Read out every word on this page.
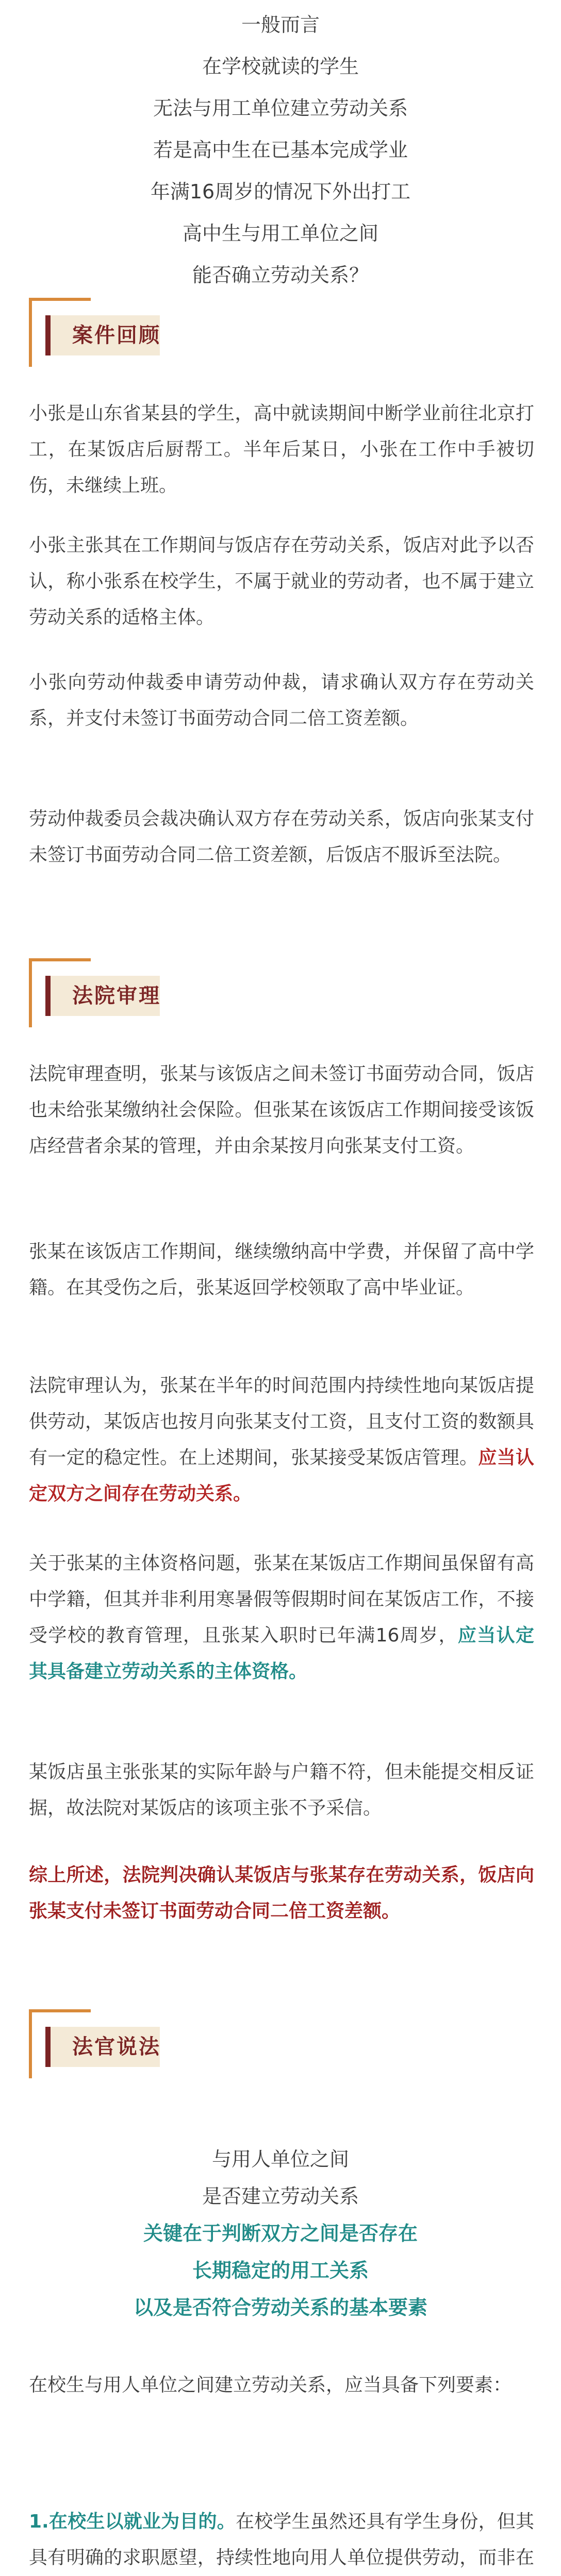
一般而言

在学校就读的学生

无法与用工单位建立劳动关系

若是高中生在已基本完成学业

年满16周岁的情况下外出打工

高中生与用工单位之间

能否确立劳动关系？

案件回顾

小张是山东省某县的学生，高中就读期间中断学业前往北京打工，在某饭店后厨帮工。半年后某日，小张在工作中手被切伤，未继续上班。

小张主张其在工作期间与饭店存在劳动关系，饭店对此予以否认，称小张系在校学生，不属于就业的劳动者，也不属于建立劳动关系的适格主体。

小张向劳动仲裁委申请劳动仲裁，请求确认双方存在劳动关系，并支付未签订书面劳动合同二倍工资差额。

劳动仲裁委员会裁决确认双方存在劳动关系，饭店向张某支付未签订书面劳动合同二倍工资差额，后饭店不服诉至法院。

法院审理

法院审理查明，张某与该饭店之间未签订书面劳动合同，饭店也未给张某缴纳社会保险。但张某在该饭店工作期间接受该饭店经营者余某的管理，并由余某按月向张某支付工资。

张某在该饭店工作期间，继续缴纳高中学费，并保留了高中学籍。在其受伤之后，张某返回学校领取了高中毕业证。

法院审理认为，张某在半年的时间范围内持续性地向某饭店提供劳动，某饭店也按月向张某支付工资，且支付工资的数额具有一定的稳定性。在上述期间，张某接受某饭店管理。应当认定双方之间存在劳动关系。

关于张某的主体资格问题，张某在某饭店工作期间虽保留有高中学籍，但其并非利用寒暑假等假期时间在某饭店工作，不接受学校的教育管理，且张某入职时已年满16周岁，应当认定其具备建立劳动关系的主体资格。

某饭店虽主张张某的实际年龄与户籍不符，但未能提交相反证据，故法院对某饭店的该项主张不予采信。

综上所述，法院判决确认某饭店与张某存在劳动关系，饭店向张某支付未签订书面劳动合同二倍工资差额。
法官说法

与用人单位之间

是否建立劳动关系

关键在于判断双方之间是否存在

长期稳定的用工关系

以及是否符合劳动关系的基本要素

在校生与用人单位之间建立劳动关系，应当具备下列要素：

1.在校生以就业为目的。在校学生虽然还具有学生身份，但其具有明确的求职愿望，持续性地向用人单位提供劳动，而非在
